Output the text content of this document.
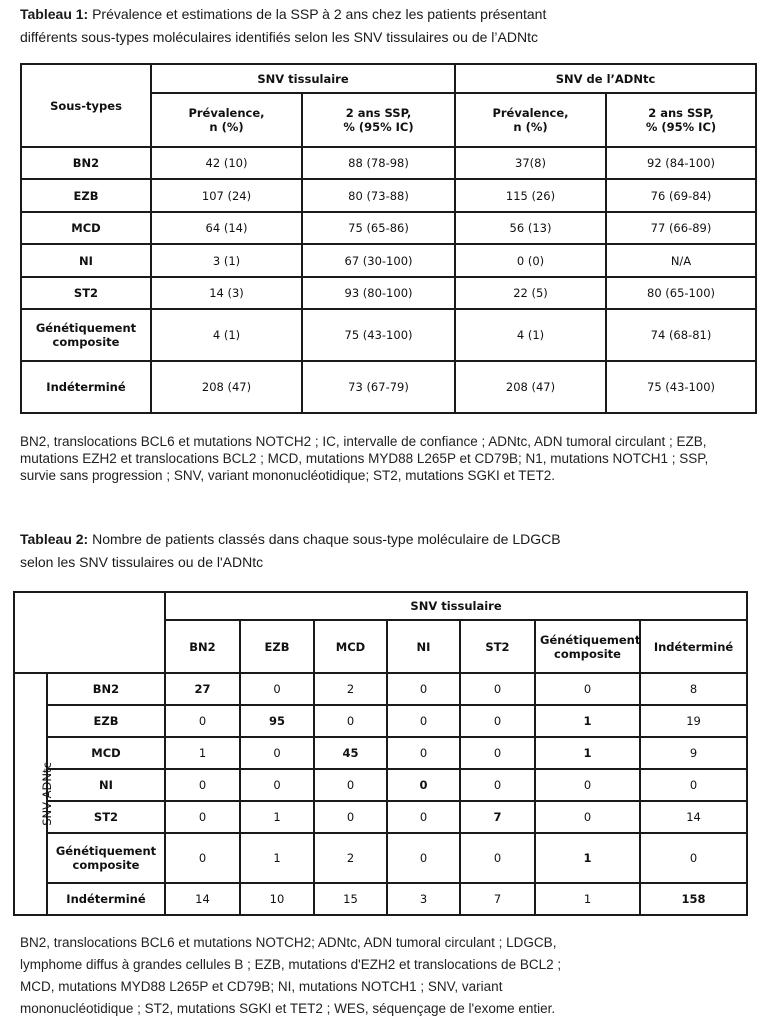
Tableau 1: Prévalence et estimations de la SSP à 2 ans chez les patients présentant
différents sous-types moléculaires identifiés selon les SNV tissulaires ou de l’ADNtc

Sous-types	SNV tissulaire		SNV de l’ADNtc	
	Prévalence,
n (%)	2 ans SSP,
% (95% IC)	Prévalence,
n (%)	2 ans SSP,
% (95% IC)
BN2	42 (10)	88 (78-98)	37(8)	92 (84-100)
EZB	107 (24)	80 (73-88)	115 (26)	76 (69-84)
MCD	64 (14)	75 (65-86)	56 (13)	77 (66-89)
NI	3 (1)	67 (30-100)	0 (0)	N/A
ST2	14 (3)	93 (80-100)	22 (5)	80 (65-100)
Génétiquement
composite	4 (1)	75 (43-100)	4 (1)	74 (68-81)
Indéterminé	208 (47)	73 (67-79)	208 (47)	75 (43-100)

BN2, translocations BCL6 et mutations NOTCH2 ; IC, intervalle de confiance ; ADNtc, ADN tumoral circulant ; EZB, mutations EZH2 et translocations BCL2 ; MCD, mutations MYD88 L265P et CD79B; N1, mutations NOTCH1 ; SSP, survie sans progression ; SNV, variant mononucléotidique; ST2, mutations SGKI et TET2.

Tableau 2: Nombre de patients classés dans chaque sous-type moléculaire de LDGCB
selon les SNV tissulaires ou de l'ADNtc

		SNV tissulaire						
		BN2	EZB	MCD	NI	ST2	Génétiquement
composite	Indéterminé
SNV ADNtc	BN2	27	0	2	0	0	0	8
	EZB	0	95	0	0	0	1	19
	MCD	1	0	45	0	0	1	9
	NI	0	0	0	0	0	0	0
	ST2	0	1	0	0	7	0	14
	Génétiquement
composite	0	1	2	0	0	1	0
	Indéterminé	14	10	15	3	7	1	158

BN2, translocations BCL6 et mutations NOTCH2; ADNtc, ADN tumoral circulant ; LDGCB,
lymphome diffus à grandes cellules B ; EZB, mutations d'EZH2 et translocations de BCL2 ;
MCD, mutations MYD88 L265P et CD79B; NI, mutations NOTCH1 ; SNV, variant
mononucléotidique ; ST2, mutations SGKI et TET2 ; WES, séquençage de l'exome entier.
